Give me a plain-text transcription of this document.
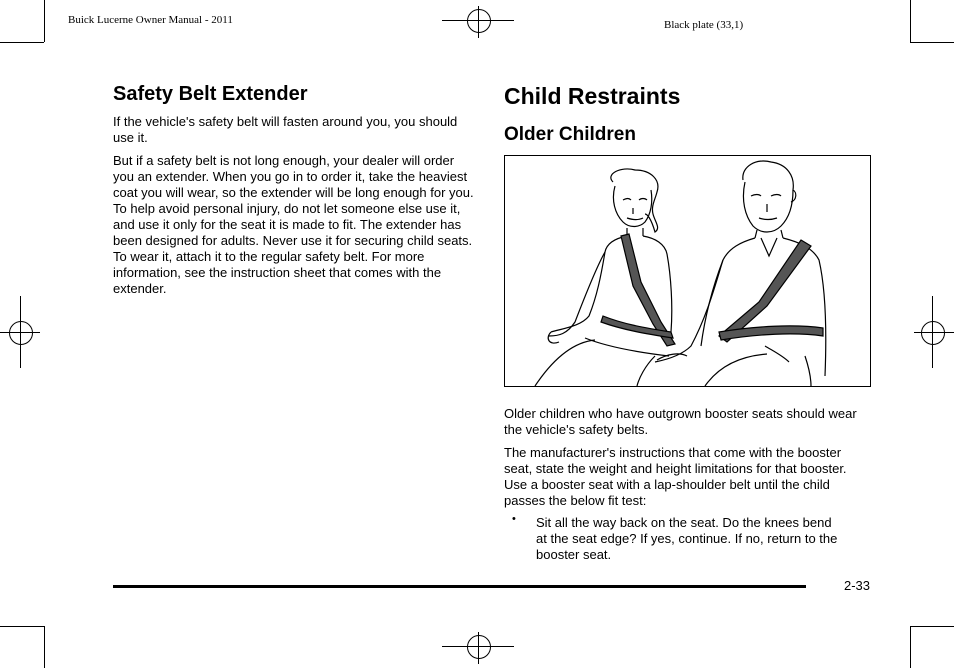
Buick Lucerne Owner Manual - 2011	Black plate (33,1)
Safety Belt Extender

If the vehicle's safety belt will fasten around you, you should use it.

But if a safety belt is not long enough, your dealer will order you an extender. When you go in to order it, take the heaviest coat you will wear, so the extender will be long enough for you. To help avoid personal injury, do not let someone else use it, and use it only for the seat it is made to fit. The extender has been designed for adults. Never use it for securing child seats. To wear it, attach it to the regular safety belt. For more information, see the instruction sheet that comes with the extender.

Child Restraints
Older Children

Older children who have outgrown booster seats should wear the vehicle's safety belts.

The manufacturer's instructions that come with the booster seat, state the weight and height limitations for that booster. Use a booster seat with a lap-shoulder belt until the child passes the below fit test:

• Sit all the way back on the seat. Do the knees bend at the seat edge? If yes, continue. If no, return to the booster seat.

2-33
